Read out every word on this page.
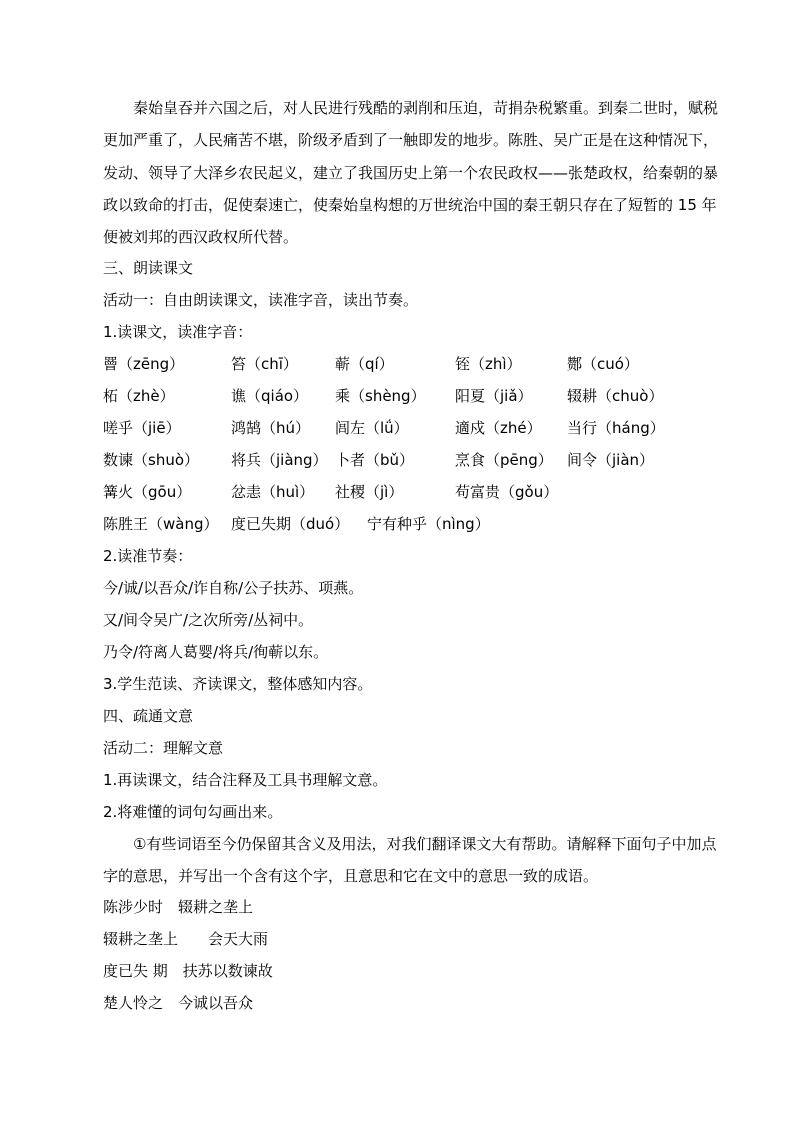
秦始皇吞并六国之后，对人民进行残酷的剥削和压迫，苛捐杂税繁重。到秦二世时，赋税
更加严重了，人民痛苦不堪，阶级矛盾到了一触即发的地步。陈胜、吴广正是在这种情况下，
发动、领导了大泽乡农民起义，建立了我国历史上第一个农民政权——张楚政权，给秦朝的暴
政以致命的打击，促使秦速亡，使秦始皇构想的万世统治中国的秦王朝只存在了短暂的 15 年
便被刘邦的西汉政权所代替。
三、朗读课文
活动一：自由朗读课文，读准字音，读出节奏。
1.读课文，读准字音：
罾（zēng）	笞（chī） 蕲（qí）	铚（zhì）	酂（cuó）
柘（zhè）	谯（qiáo） 乘（shèng） 阳夏（jiǎ） 辍耕（chuò）
嗟乎（jiē）	鸿鹄（hú） 闾左（lǘ）	適戍（zhé） 当行（háng）
数谏（shuò） 将兵（jiàng） 卜者（bǔ）	烹食（pēng） 间令（jiàn）
篝火（gōu）	忿恚（huì） 社稷（jì）	苟富贵（gǒu）
陈胜王（wàng） 度已失期（duó） 宁有种乎（nìng）
2.读准节奏：
今/诚/以吾众/诈自称/公子扶苏、项燕。
又/间令吴广/之次所旁/丛祠中。
乃令/符离人葛婴/将兵/徇蕲以东。
3.学生范读、齐读课文，整体感知内容。
四、疏通文意
活动二：理解文意
1.再读课文，结合注释及工具书理解文意。
2.将难懂的词句勾画出来。
①有些词语至今仍保留其含义及用法，对我们翻译课文大有帮助。请解释下面句子中加点
字的意思，并写出一个含有这个字，且意思和它在文中的意思一致的成语。
陈涉少时　辍耕之垄上
辍耕之垄上　　会天大雨
度已失 期　扶苏以数谏故
楚人怜之　今诚以吾众
